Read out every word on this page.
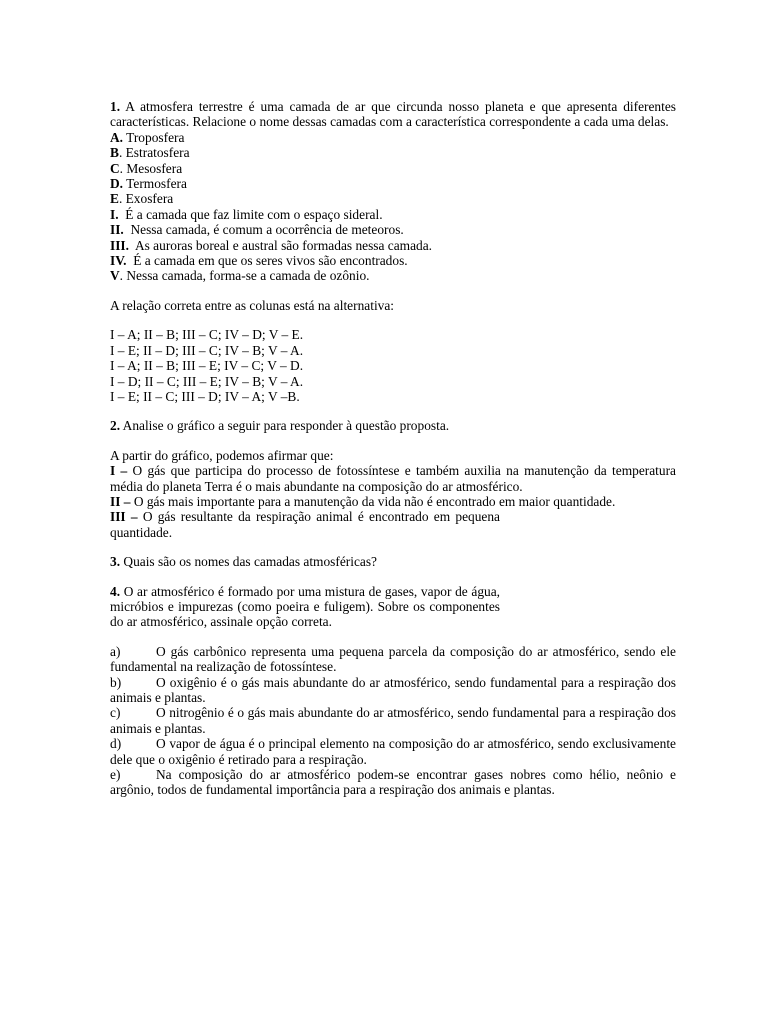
1. A atmosfera terrestre é uma camada de ar que circunda nosso planeta e que apresenta diferentes características. Relacione o nome dessas camadas com a característica correspondente a cada uma delas.

A. Troposfera

B. Estratosfera

C. Mesosfera

D. Termosfera

E. Exosfera

I. É a camada que faz limite com o espaço sideral.

II. Nessa camada, é comum a ocorrência de meteoros.

III. As auroras boreal e austral são formadas nessa camada.

IV. É a camada em que os seres vivos são encontrados.

V. Nessa camada, forma-se a camada de ozônio.

A relação correta entre as colunas está na alternativa:

I – A; II – B; III – C; IV – D; V – E.

I – E; II – D; III – C; IV – B; V – A.

I – A; II – B; III – E; IV – C; V – D.

I – D; II – C; III – E; IV – B; V – A.

I – E; II – C; III – D; IV – A; V –B.

2. Analise o gráfico a seguir para responder à questão proposta.

A partir do gráfico, podemos afirmar que:

I – O gás que participa do processo de fotossíntese e também auxilia na manutenção da temperatura média do planeta Terra é o mais abundante na composição do ar atmosférico.

II – O gás mais importante para a manutenção da vida não é encontrado em maior quantidade.

III – O gás resultante da respiração animal é encontrado em pequena quantidade.

3. Quais são os nomes das camadas atmosféricas?

4. O ar atmosférico é formado por uma mistura de gases, vapor de água, micróbios e impurezas (como poeira e fuligem). Sobre os componentes do ar atmosférico, assinale opção correta.

a)	O gás carbônico representa uma pequena parcela da composição do ar atmosférico, sendo ele fundamental na realização de fotossíntese.

b)	O oxigênio é o gás mais abundante do ar atmosférico, sendo fundamental para a respiração dos animais e plantas.

c)	O nitrogênio é o gás mais abundante do ar atmosférico, sendo fundamental para a respiração dos animais e plantas.

d)	O vapor de água é o principal elemento na composição do ar atmosférico, sendo exclusivamente dele que o oxigênio é retirado para a respiração.

e)	Na composição do ar atmosférico podem-se encontrar gases nobres como hélio, neônio e argônio, todos de fundamental importância para a respiração dos animais e plantas.
